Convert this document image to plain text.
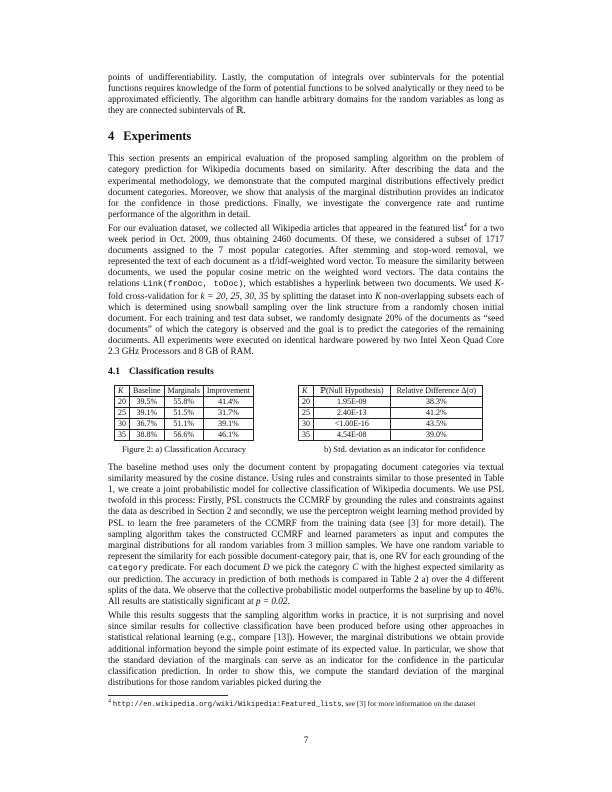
points of undifferentiability. Lastly, the computation of integrals over subintervals for the potential functions requires knowledge of the form of potential functions to be solved analytically or they need to be approximated efficiently. The algorithm can handle arbitrary domains for the random variables as long as they are connected subintervals of ℝ.

4 Experiments

This section presents an empirical evaluation of the proposed sampling algorithm on the problem of category prediction for Wikipedia documents based on similarity. After describing the data and the experimental methodology, we demonstrate that the computed marginal distributions effectively predict document categories. Moreover, we show that analysis of the marginal distribution provides an indicator for the confidence in those predictions. Finally, we investigate the convergence rate and runtime performance of the algorithm in detail.

For our evaluation dataset, we collected all Wikipedia articles that appeared in the featured list$^4$ for a two week period in Oct. 2009, thus obtaining 2460 documents. Of these, we considered a subset of 1717 documents assigned to the 7 most popular categories. After stemming and stop-word removal, we represented the text of each document as a tf/idf-weighted word vector. To measure the similarity between documents, we used the popular cosine metric on the weighted word vectors. The data contains the relations Link(fromDoc, toDoc), which establishes a hyperlink between two documents. We used K-fold cross-validation for k = 20, 25, 30, 35 by splitting the dataset into K non-overlapping subsets each of which is determined using snowball sampling over the link structure from a randomly chosen initial document. For each training and test data subset, we randomly designate 20% of the documents as “seed documents” of which the category is observed and the goal is to predict the categories of the remaining documents. All experiments were executed on identical hardware powered by two Intel Xeon Quad Core 2.3 GHz Processors and 8 GB of RAM.

4.1 Classification results
K	Baseline	Marginals	Improvement
20	39.5%	55.8%	41.4%
25	39.1%	51.5%	31.7%
30	36.7%	51.1%	39.1%
35	38.8%	56.6%	46.1%
K	ℙ(Null Hypothesis)	Relative Difference Δ(σ)
20	1.95E-09	38.3%
25	2.40E-13	41.2%
30	<1.00E-16	43.5%
35	4.54E-08	39.0%
Figure 2: a) Classification Accuracy	b) Std. deviation as an indicator for confidence

The baseline method uses only the document content by propagating document categories via textual similarity measured by the cosine distance. Using rules and constraints similar to those presented in Table 1, we create a joint probabilistic model for collective classification of Wikipedia documents. We use PSL twofold in this process: Firstly, PSL constructs the CCMRF by grounding the rules and constraints against the data as described in Section 2 and secondly, we use the perceptron weight learning method provided by PSL to learn the free parameters of the CCMRF from the training data (see [3] for more detail). The sampling algorithm takes the constructed CCMRF and learned parameters as input and computes the marginal distributions for all random variables from 3 million samples. We have one random variable to represent the similarity for each possible document-category pair, that is, one RV for each grounding of the category predicate. For each document D we pick the category C with the highest expected similarity as our prediction. The accuracy in prediction of both methods is compared in Table 2 a) over the 4 different splits of the data. We observe that the collective probabilistic model outperforms the baseline by up to 46%. All results are statistically significant at p = 0.02.

While this results suggests that the sampling algorithm works in practice, it is not surprising and novel since similar results for collective classification have been produced before using other approaches in statistical relational learning (e.g., compare [13]). However, the marginal distributions we obtain provide additional information beyond the simple point estimate of its expected value. In particular, we show that the standard deviation of the marginals can serve as an indicator for the confidence in the particular classification prediction. In order to show this, we compute the standard deviation of the marginal distributions for those random variables picked during the

$^4$ http://en.wikipedia.org/wiki/Wikipedia:Featured_lists, see [3] for more information on the dataset
7
